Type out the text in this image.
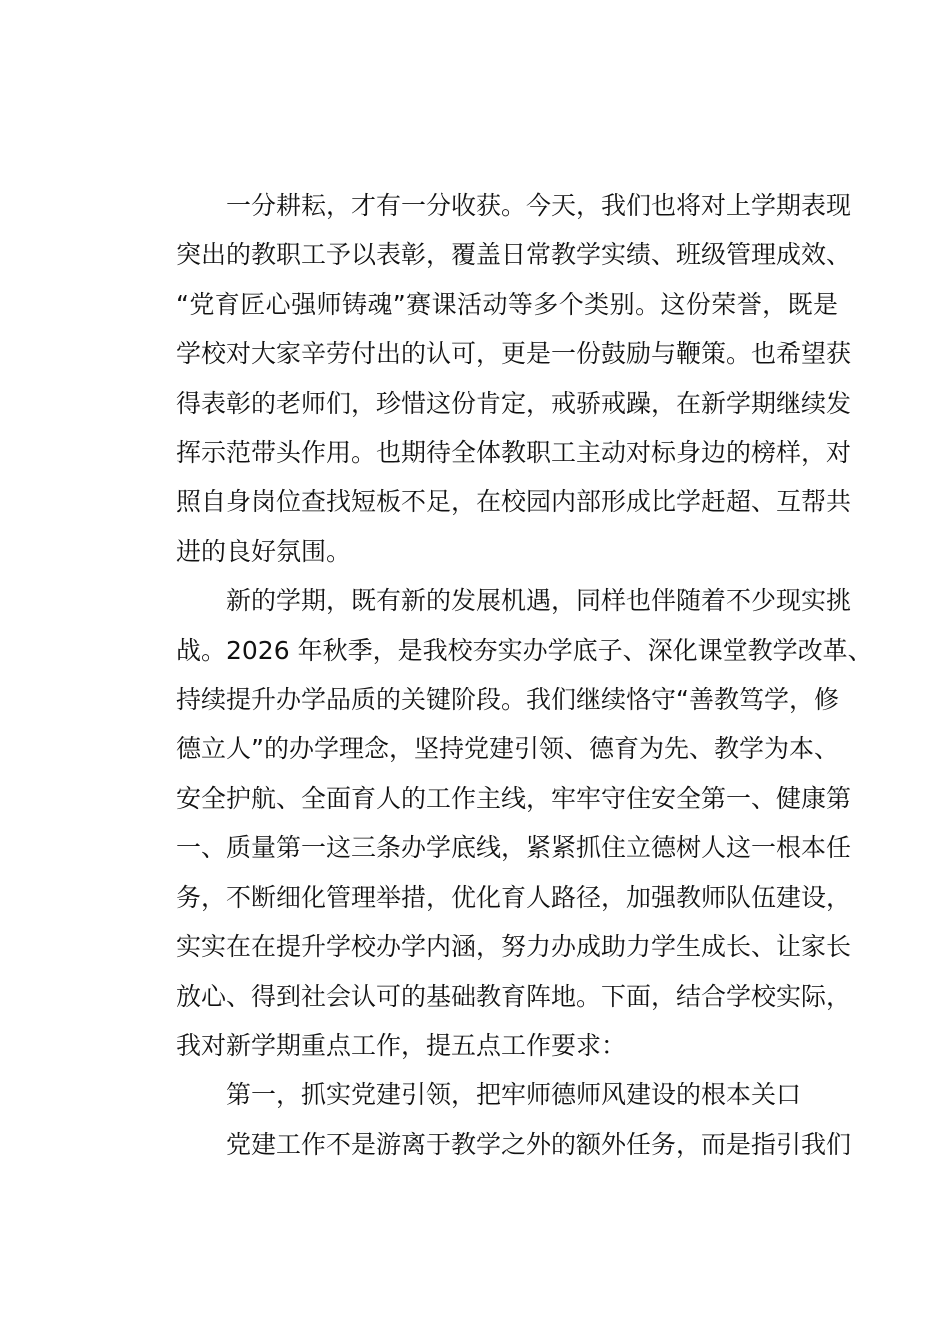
一分耕耘，才有一分收获。今天，我们也将对上学期表现
突出的教职工予以表彰，覆盖日常教学实绩、班级管理成效、
“党育匠心强师铸魂”赛课活动等多个类别。这份荣誉，既是
学校对大家辛劳付出的认可，更是一份鼓励与鞭策。也希望获
得表彰的老师们，珍惜这份肯定，戒骄戒躁，在新学期继续发
挥示范带头作用。也期待全体教职工主动对标身边的榜样，对
照自身岗位查找短板不足，在校园内部形成比学赶超、互帮共
进的良好氛围。
新的学期，既有新的发展机遇，同样也伴随着不少现实挑
战。2026 年秋季，是我校夯实办学底子、深化课堂教学改革、
持续提升办学品质的关键阶段。我们继续恪守“善教笃学，修
德立人”的办学理念，坚持党建引领、德育为先、教学为本、
安全护航、全面育人的工作主线，牢牢守住安全第一、健康第
一、质量第一这三条办学底线，紧紧抓住立德树人这一根本任
务，不断细化管理举措，优化育人路径，加强教师队伍建设，
实实在在提升学校办学内涵，努力办成助力学生成长、让家长
放心、得到社会认可的基础教育阵地。下面，结合学校实际，
我对新学期重点工作，提五点工作要求：
第一，抓实党建引领，把牢师德师风建设的根本关口
党建工作不是游离于教学之外的额外任务，而是指引我们
